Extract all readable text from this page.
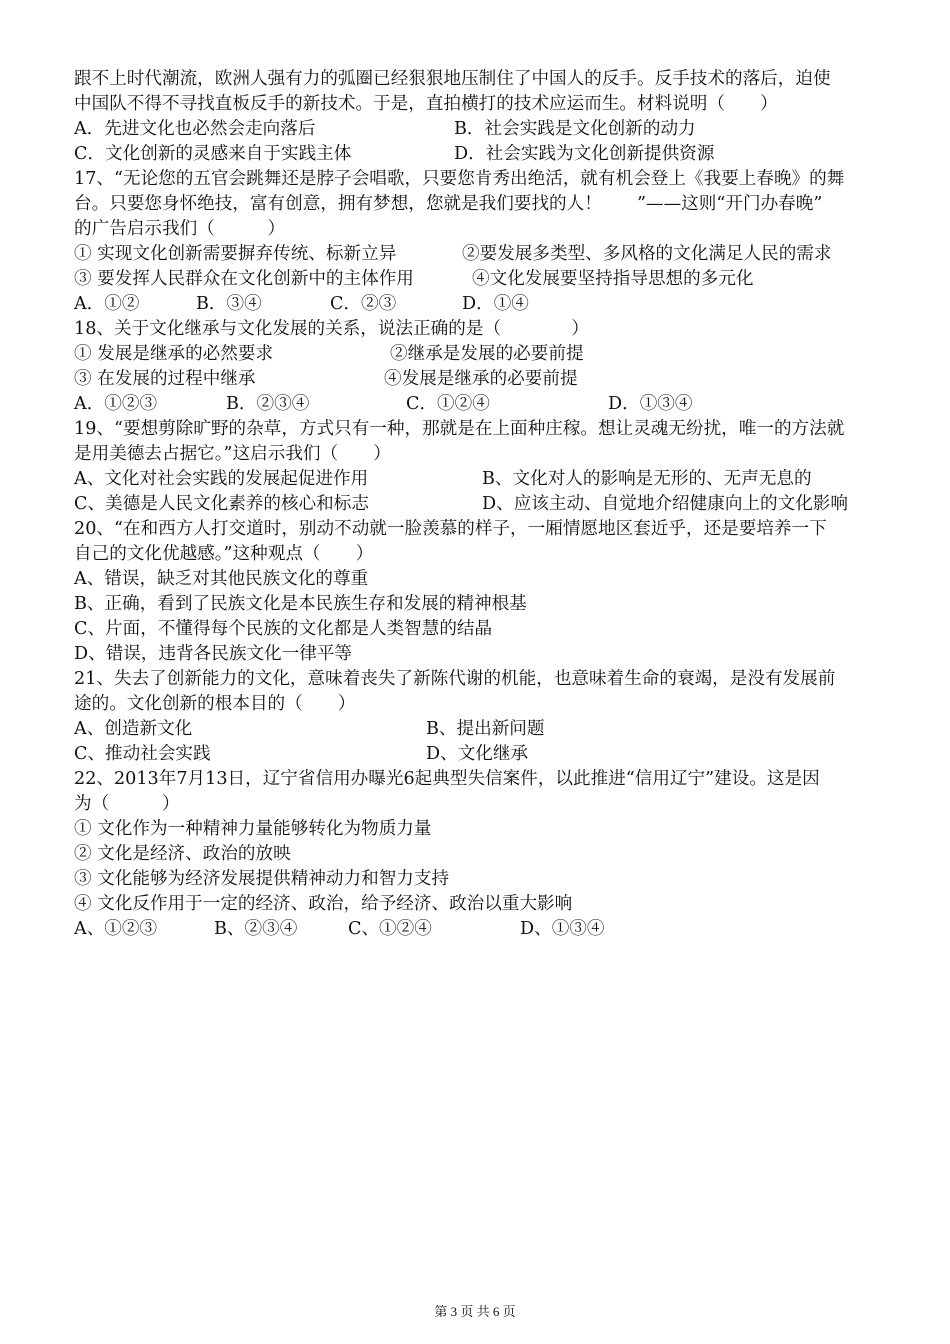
跟不上时代潮流，欧洲人强有力的弧圈已经狠狠地压制住了中国人的反手。反手技术的落后，迫使
中国队不得不寻找直板反手的新技术。于是，直拍横打的技术应运而生。材料说明（　　）
A．先进文化也必然会走向落后	B．社会实践是文化创新的动力
C．文化创新的灵感来自于实践主体	D．社会实践为文化创新提供资源
17、“无论您的五官会跳舞还是脖子会唱歌，只要您肯秀出绝活，就有机会登上《我要上春晚》的舞
台。只要您身怀绝技，富有创意，拥有梦想，您就是我们要找的人！　　”——这则“开门办春晚”
的广告启示我们（　　　）
① 实现文化创新需要摒弃传统、标新立异	②要发展多类型、多风格的文化满足人民的需求
③ 要发挥人民群众在文化创新中的主体作用	④文化发展要坚持指导思想的多元化
A．①②	B．③④	C．②③	D．①④
18、关于文化继承与文化发展的关系，说法正确的是（　　　　）
① 发展是继承的必然要求	②继承是发展的必要前提
③ 在发展的过程中继承	④发展是继承的必要前提
A．①②③	B．②③④	C．①②④	D．①③④
19、“要想剪除旷野的杂草，方式只有一种，那就是在上面种庄稼。想让灵魂无纷扰，唯一的方法就
是用美德去占据它。”这启示我们（　　）
A、文化对社会实践的发展起促进作用	B、文化对人的影响是无形的、无声无息的
C、美德是人民文化素养的核心和标志	D、应该主动、自觉地介绍健康向上的文化影响
20、“在和西方人打交道时，别动不动就一脸羡慕的样子，一厢情愿地区套近乎，还是要培养一下
自己的文化优越感。”这种观点（　　）
A、错误，缺乏对其他民族文化的尊重
B、正确，看到了民族文化是本民族生存和发展的精神根基
C、片面，不懂得每个民族的文化都是人类智慧的结晶
D、错误，违背各民族文化一律平等
21、失去了创新能力的文化，意味着丧失了新陈代谢的机能，也意味着生命的衰竭，是没有发展前
途的。文化创新的根本目的（　　）
A、创造新文化	B、提出新问题
C、推动社会实践	D、文化继承
22、2013年7月13日，辽宁省信用办曝光6起典型失信案件，以此推进“信用辽宁”建设。这是因
为（　　　）
① 文化作为一种精神力量能够转化为物质力量
② 文化是经济、政治的放映
③ 文化能够为经济发展提供精神动力和智力支持
④ 文化反作用于一定的经济、政治，给予经济、政治以重大影响
A、①②③	B、②③④	C、①②④	D、①③④
第 3 页 共 6 页
